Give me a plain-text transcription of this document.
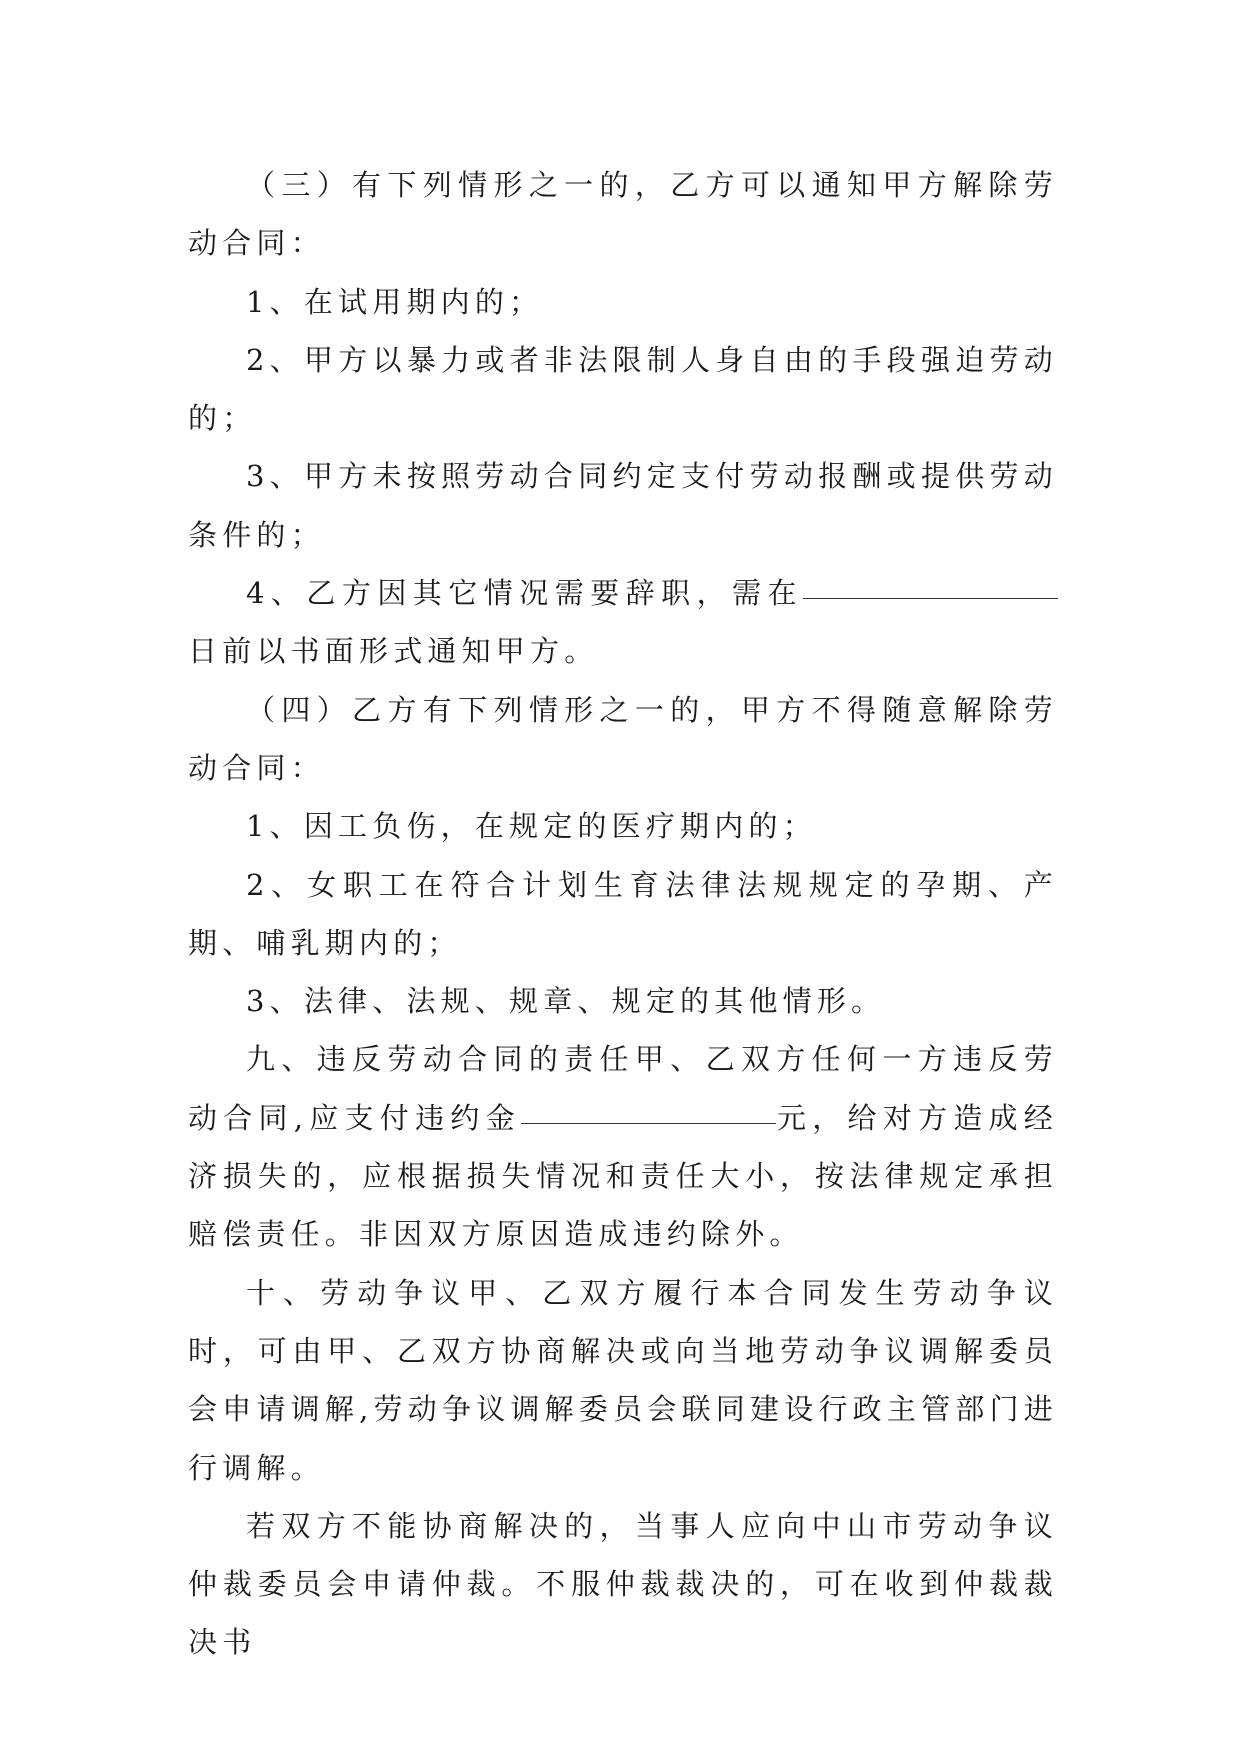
（三）有下列情形之一的，乙方可以通知甲方解除劳动合同：

1、在试用期内的；

2、甲方以暴力或者非法限制人身自由的手段强迫劳动的；

3、甲方未按照劳动合同约定支付劳动报酬或提供劳动条件的；

4、乙方因其它情况需要辞职，需在日前以书面形式通知甲方。

（四）乙方有下列情形之一的，甲方不得随意解除劳动合同：

1、因工负伤，在规定的医疗期内的；

2、女职工在符合计划生育法律法规规定的孕期、产期、哺乳期内的；

3、法律、法规、规章、规定的其他情形。

九、违反劳动合同的责任甲、乙双方任何一方违反劳动合同,应支付违约金	元，给对方造成经济损失的，应根据损失情况和责任大小，按法律规定承担赔偿责任。非因双方原因造成违约除外。

十、劳动争议甲、乙双方履行本合同发生劳动争议时，可由甲、乙双方协商解决或向当地劳动争议调解委员会申请调解,劳动争议调解委员会联同建设行政主管部门进行调解。

若双方不能协商解决的，当事人应向中山市劳动争议仲裁委员会申请仲裁。不服仲裁裁决的，可在收到仲裁裁决书
